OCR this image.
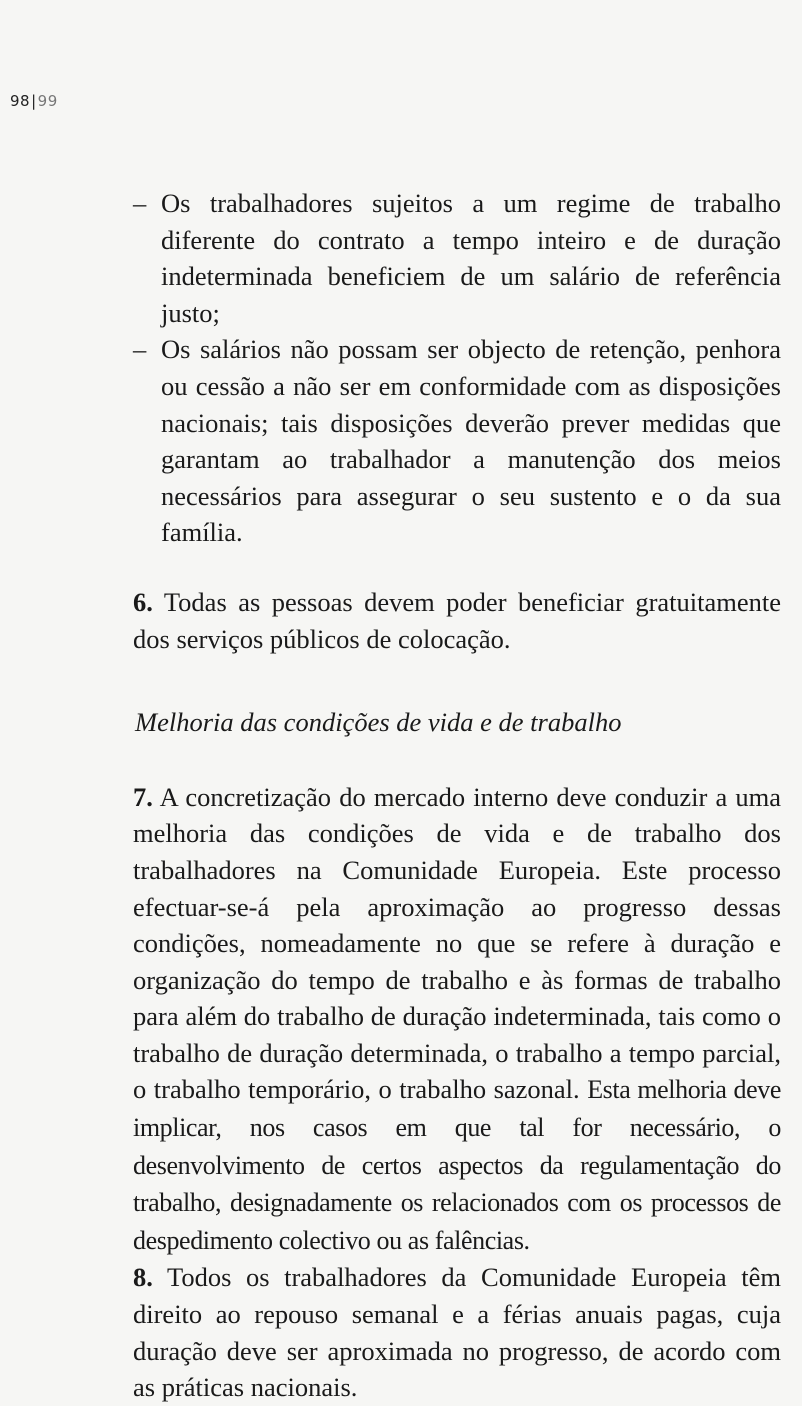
98|99
– Os trabalhadores sujeitos a um regime de trabalho diferente do contrato a tempo inteiro e de duração indeterminada beneficiem de um salário de referência justo;
– Os salários não possam ser objecto de retenção, penhora ou cessão a não ser em conformidade com as disposições nacionais; tais disposições deverão prever medidas que garantam ao trabalhador a manutenção dos meios necessários para assegurar o seu sustento e o da sua família.

6. Todas as pessoas devem poder beneficiar gratuitamente dos serviços públicos de colocação.

Melhoria das condições de vida e de trabalho

7. A concretização do mercado interno deve conduzir a uma melhoria das condições de vida e de trabalho dos trabalhadores na Comunidade Europeia. Este processo efectuar-se-á pela aproximação ao progresso dessas condições, nomeadamente no que se refere à duração e organização do tempo de trabalho e às formas de trabalho para além do trabalho de duração indeterminada, tais como o trabalho de duração determinada, o trabalho a tempo parcial, o trabalho temporário, o trabalho sazonal. Esta melhoria deve implicar, nos casos em que tal for necessário, o desenvolvimento de certos aspectos da regulamentação do trabalho, designadamente os relacionados com os processos de despedimento colectivo ou as falências.

8. Todos os trabalhadores da Comunidade Europeia têm direito ao repouso semanal e a férias anuais pagas, cuja duração deve ser aproximada no progresso, de acordo com as práticas nacionais.
